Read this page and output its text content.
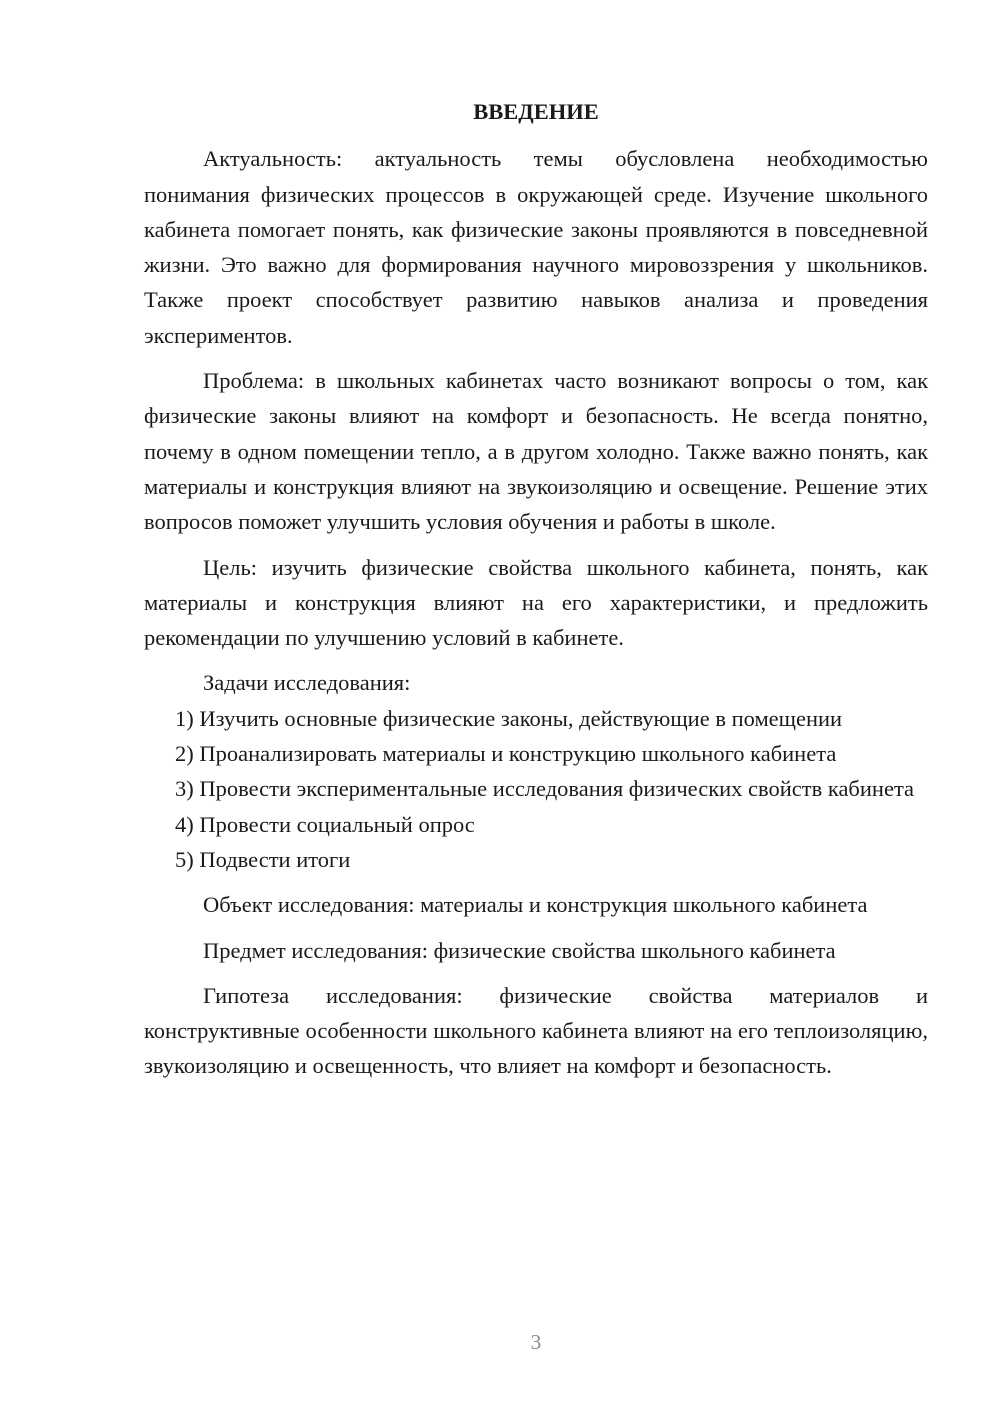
ВВЕДЕНИЕ

Актуальность: актуальность темы обусловлена необходимостью понимания физических процессов в окружающей среде. Изучение школьного кабинета помогает понять, как физические законы проявляются в повседневной жизни. Это важно для формирования научного мировоззрения у школьников. Также проект способствует развитию навыков анализа и проведения экспериментов.

Проблема: в школьных кабинетах часто возникают вопросы о том, как физические законы влияют на комфорт и безопасность. Не всегда понятно, почему в одном помещении тепло, а в другом холодно. Также важно понять, как материалы и конструкция влияют на звукоизоляцию и освещение. Решение этих вопросов поможет улучшить условия обучения и работы в школе.

Цель: изучить физические свойства школьного кабинета, понять, как материалы и конструкция влияют на его характеристики, и предложить рекомендации по улучшению условий в кабинете.

Задачи исследования:

1) Изучить основные физические законы, действующие в помещении

2) Проанализировать материалы и конструкцию школьного кабинета

3) Провести экспериментальные исследования физических свойств кабинета

4) Провести социальный опрос

5) Подвести итоги

Объект исследования: материалы и конструкция школьного кабинета

Предмет исследования: физические свойства школьного кабинета

Гипотеза исследования: физические свойства материалов и конструктивные особенности школьного кабинета влияют на его теплоизоляцию, звукоизоляцию и освещенность, что влияет на комфорт и безопасность.

3
